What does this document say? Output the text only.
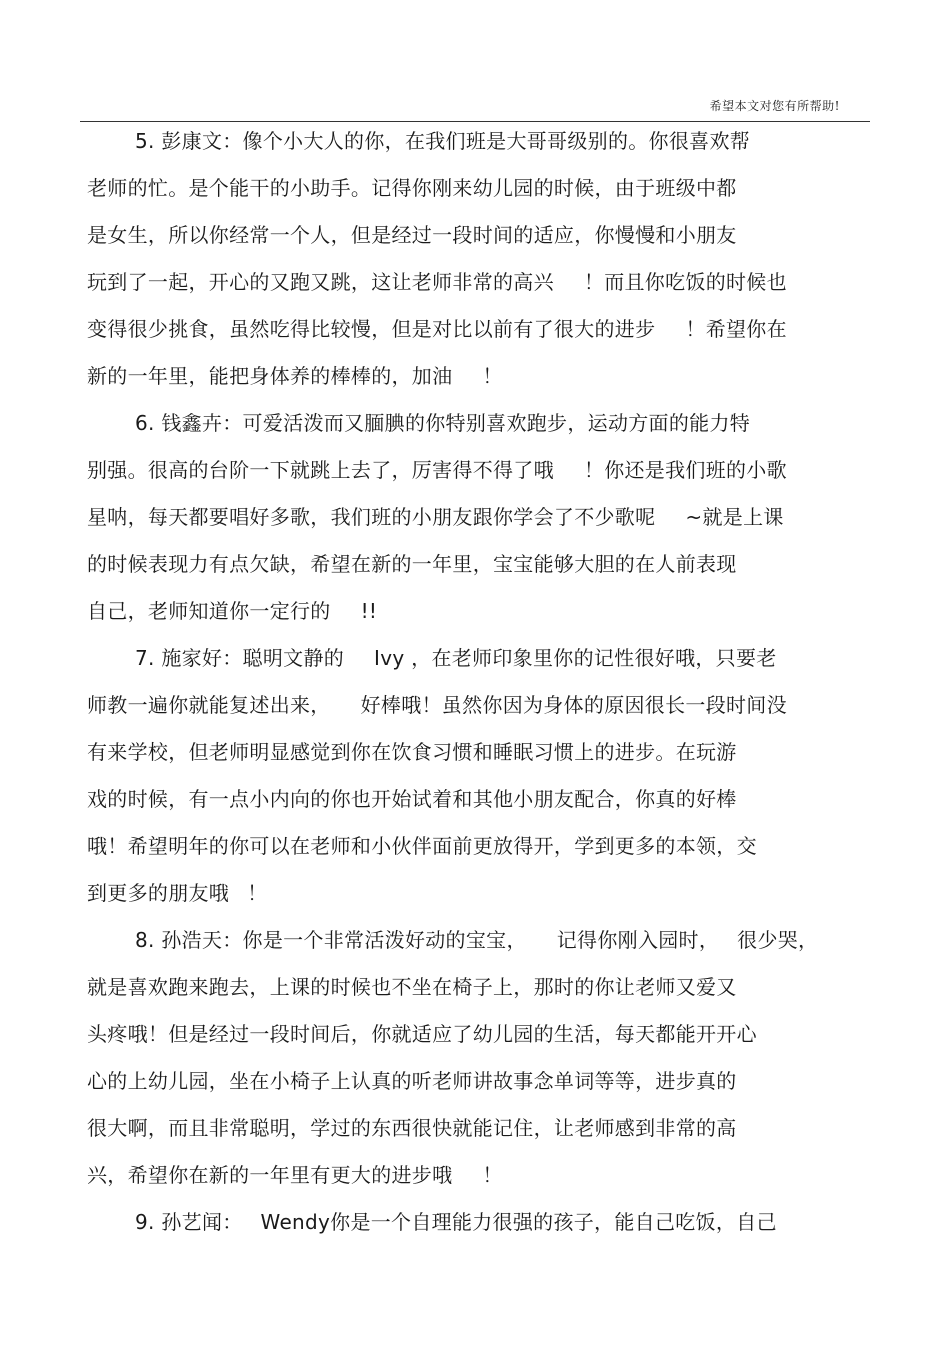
希望本文对您有所帮助!
5. 彭康文：像个小大人的你，在我们班是大哥哥级别的。你很喜欢帮
老师的忙。是个能干的小助手。记得你刚来幼儿园的时候，由于班级中都
是女生，所以你经常一个人，但是经过一段时间的适应，你慢慢和小朋友
玩到了一起，开心的又跑又跳，这让老师非常的高兴 ！而且你吃饭的时候也
变得很少挑食，虽然吃得比较慢，但是对比以前有了很大的进步 ！希望你在
新的一年里，能把身体养的棒棒的，加油 ！
6. 钱鑫卉：可爱活泼而又腼腆的你特别喜欢跑步，运动方面的能力特
别强。很高的台阶一下就跳上去了，厉害得不得了哦 ！你还是我们班的小歌
星呐，每天都要唱好多歌，我们班的小朋友跟你学会了不少歌呢 ~就是上课
的时候表现力有点欠缺，希望在新的一年里，宝宝能够大胆的在人前表现
自己，老师知道你一定行的 !!
7. 施家好：聪明文静的 Ivy ，在老师印象里你的记性很好哦，只要老
师教一遍你就能复述出来， 好棒哦！虽然你因为身体的原因很长一段时间没
有来学校，但老师明显感觉到你在饮食习惯和睡眠习惯上的进步。在玩游
戏的时候，有一点小内向的你也开始试着和其他小朋友配合，你真的好棒
哦！希望明年的你可以在老师和小伙伴面前更放得开，学到更多的本领，交
到更多的朋友哦 ！
8. 孙浩天：你是一个非常活泼好动的宝宝， 记得你刚入园时， 很少哭，
就是喜欢跑来跑去，上课的时候也不坐在椅子上，那时的你让老师又爱又
头疼哦！但是经过一段时间后，你就适应了幼儿园的生活，每天都能开开心
心的上幼儿园，坐在小椅子上认真的听老师讲故事念单词等等，进步真的
很大啊，而且非常聪明，学过的东西很快就能记住，让老师感到非常的高
兴，希望你在新的一年里有更大的进步哦 ！
9. 孙艺闻： Wendy你是一个自理能力很强的孩子，能自己吃饭，自己
